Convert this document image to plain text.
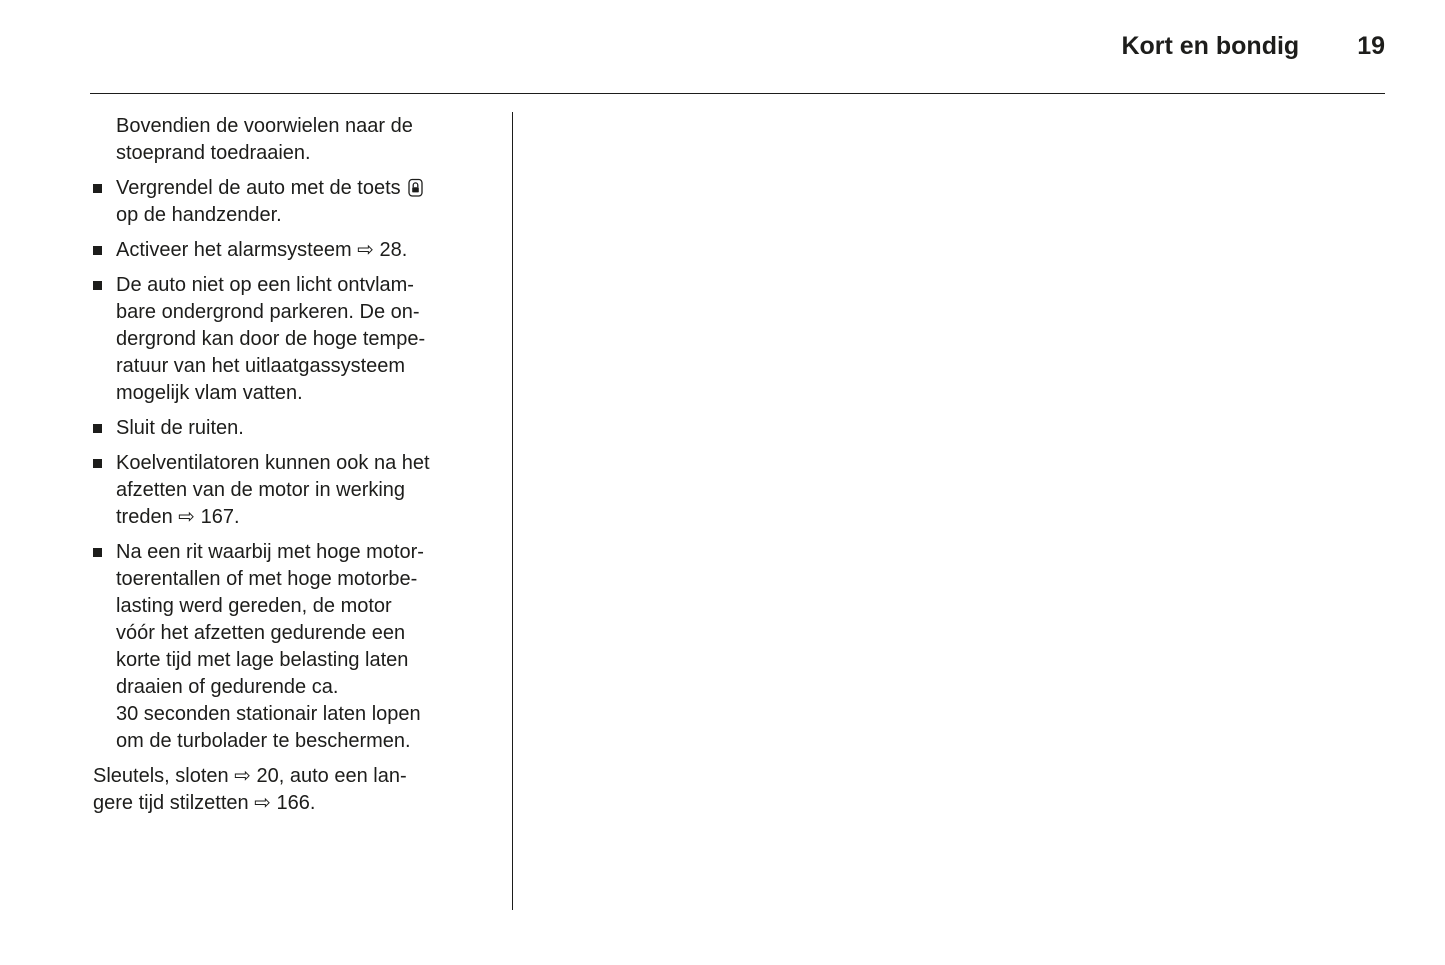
Kort en bondig 19
Bovendien de voorwielen naar de
stoeprand toedraaien.
Vergrendel de auto met de toets
op de handzender.
Activeer het alarmsysteem ⇨ 28.
De auto niet op een licht ontvlam-
bare ondergrond parkeren. De on-
dergrond kan door de hoge tempe-
ratuur van het uitlaatgassysteem
mogelijk vlam vatten.
Sluit de ruiten.
Koelventilatoren kunnen ook na het
afzetten van de motor in werking
treden ⇨ 167.
Na een rit waarbij met hoge motor-
toerentallen of met hoge motorbe-
lasting werd gereden, de motor
vóór het afzetten gedurende een
korte tijd met lage belasting laten
draaien of gedurende ca.
30 seconden stationair laten lopen
om de turbolader te beschermen.
Sleutels, sloten ⇨ 20, auto een lan-
gere tijd stilzetten ⇨ 166.
